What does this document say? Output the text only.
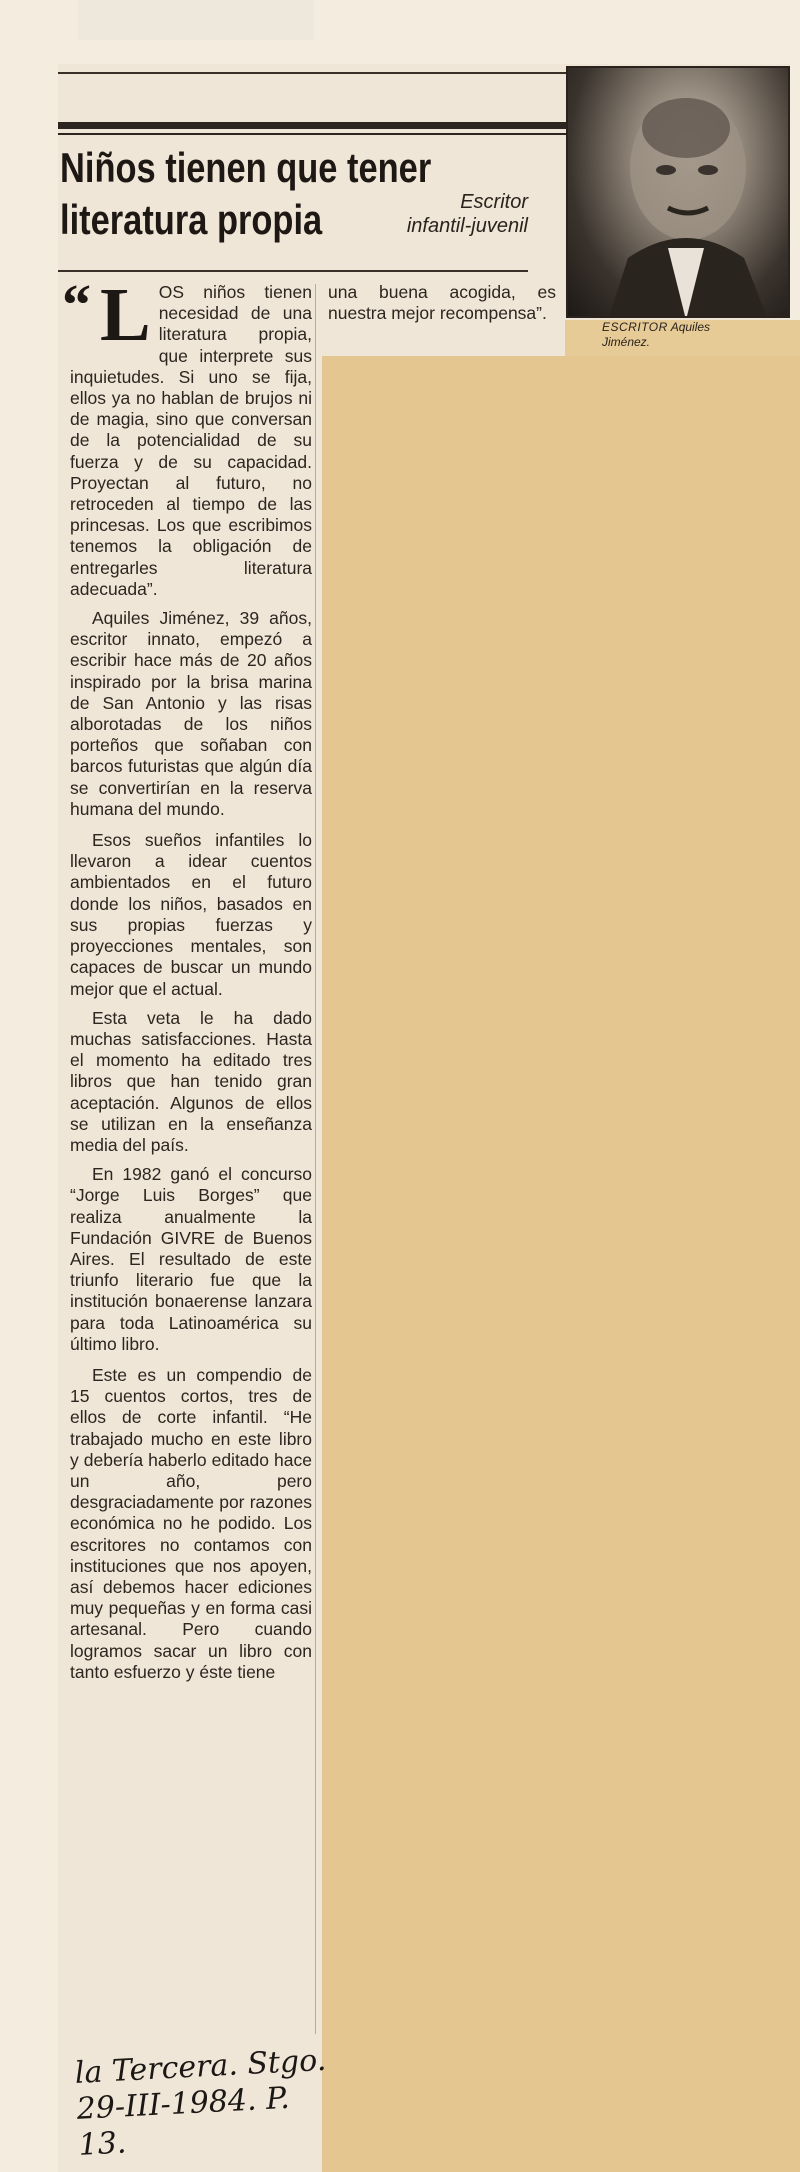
Niños tienen que tener
literatura propia	Escritor
infantil-juvenil
ESCRITOR Aquiles
Jiménez.
“ LOS niños tienen necesidad de una literatura propia, que interprete sus inquietudes. Si uno se fija, ellos ya no hablan de brujos ni de magia, sino que conversan de la potencialidad de su fuerza y de su capacidad. Proyectan al futuro, no retroceden al tiempo de las princesas. Los que escribimos tenemos la obligación de entregarles literatura adecuada”.

Aquiles Jiménez, 39 años, escritor innato, empezó a escribir hace más de 20 años inspirado por la brisa marina de San Antonio y las risas alborotadas de los niños porteños que soñaban con barcos futuristas que algún día se convertirían en la reserva humana del mundo.

Esos sueños infantiles lo llevaron a idear cuentos ambientados en el futuro donde los niños, basados en sus propias fuerzas y proyecciones mentales, son capaces de buscar un mundo mejor que el actual.

Esta veta le ha dado muchas satisfacciones. Hasta el momento ha editado tres libros que han tenido gran aceptación. Algunos de ellos se utilizan en la enseñanza media del país.

En 1982 ganó el concurso “Jorge Luis Borges” que realiza anualmente la Fundación GIVRE de Buenos Aires. El resultado de este triunfo literario fue que la institución bonaerense lanzara para toda Latinoamérica su último libro.

Este es un compendio de 15 cuentos cortos, tres de ellos de corte infantil. “He trabajado mucho en este libro y debería haberlo editado hace un año, pero desgraciadamente por razones económica no he podido. Los escritores no contamos con instituciones que nos apoyen, así debemos hacer ediciones muy pequeñas y en forma casi artesanal. Pero cuando logramos sacar un libro con tanto esfuerzo y éste tiene

una buena acogida, es nuestra mejor recompensa”.

la Tercera. Stgo.
29-III-1984. P. 13.
